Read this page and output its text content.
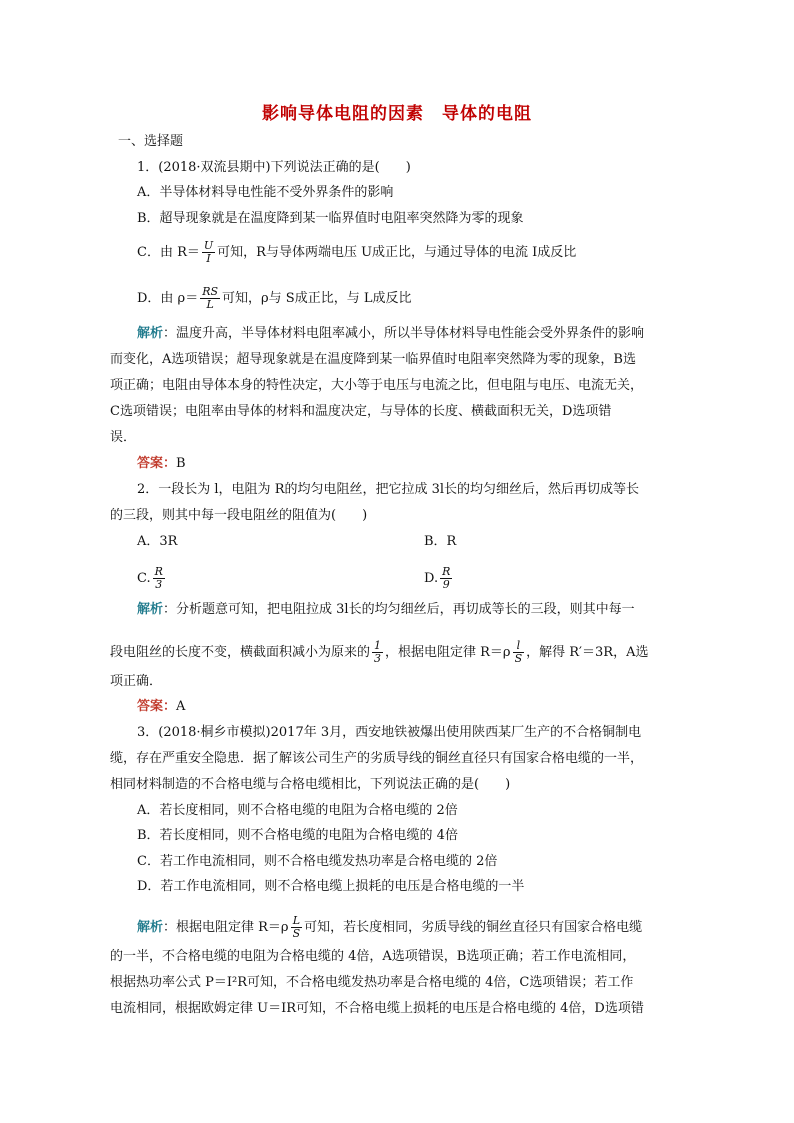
影响导体电阻的因素　导体的电阻
一、选择题
1．(2018·双流县期中)下列说法正确的是(　　)
A．半导体材料导电性能不受外界条件的影响
B．超导现象就是在温度降到某一临界值时电阻率突然降为零的现象
C．由 $R= \frac{U}{I}$ 可知，R与导体两端电压 U成正比，与通过导体的电流 I成反比
D．由 $\rho= \frac{RS}{L}$ 可知，ρ与 S成正比，与 L成反比
解析：温度升高，半导体材料电阻率减小，所以半导体材料导电性能会受外界条件的影响
而变化，A选项错误；超导现象就是在温度降到某一临界值时电阻率突然降为零的现象，B选
项正确；电阻由导体本身的特性决定，大小等于电压与电流之比，但电阻与电压、电流无关，
C选项错误；电阻率由导体的材料和温度决定，与导体的长度、横截面积无关，D选项错
误．
答案：B
2．一段长为 l，电阻为 R的均匀电阻丝，把它拉成 3l长的均匀细丝后，然后再切成等长
的三段，则其中每一段电阻丝的阻值为(　　)
A．3R	B．R
C. $\frac{R}{3}$	D. $\frac{R}{9}$
解析：分析题意可知，把电阻拉成 3l长的均匀细丝后，再切成等长的三段，则其中每一
段电阻丝的长度不变，横截面积减小为原来的 $\frac{1}{3}$ ，根据电阻定律 $R=\rho \frac{l}{S}$ ，解得 R′＝3R，A选
项正确．
答案：A
3．(2018·桐乡市模拟)2017年 3月，西安地铁被爆出使用陕西某厂生产的不合格铜制电
缆，存在严重安全隐患．据了解该公司生产的劣质导线的铜丝直径只有国家合格电缆的一半，
相同材料制造的不合格电缆与合格电缆相比，下列说法正确的是(　　)
A．若长度相同，则不合格电缆的电阻为合格电缆的 2倍
B．若长度相同，则不合格电缆的电阻为合格电缆的 4倍
C．若工作电流相同，则不合格电缆发热功率是合格电缆的 2倍
D．若工作电流相同，则不合格电缆上损耗的电压是合格电缆的一半
解析：根据电阻定律 $R=\rho \frac{L}{S}$ 可知，若长度相同，劣质导线的铜丝直径只有国家合格电缆
的一半，不合格电缆的电阻为合格电缆的 4倍，A选项错误，B选项正确；若工作电流相同，
根据热功率公式 P＝I²R可知，不合格电缆发热功率是合格电缆的 4倍，C选项错误；若工作
电流相同，根据欧姆定律 U＝IR可知，不合格电缆上损耗的电压是合格电缆的 4倍，D选项错
